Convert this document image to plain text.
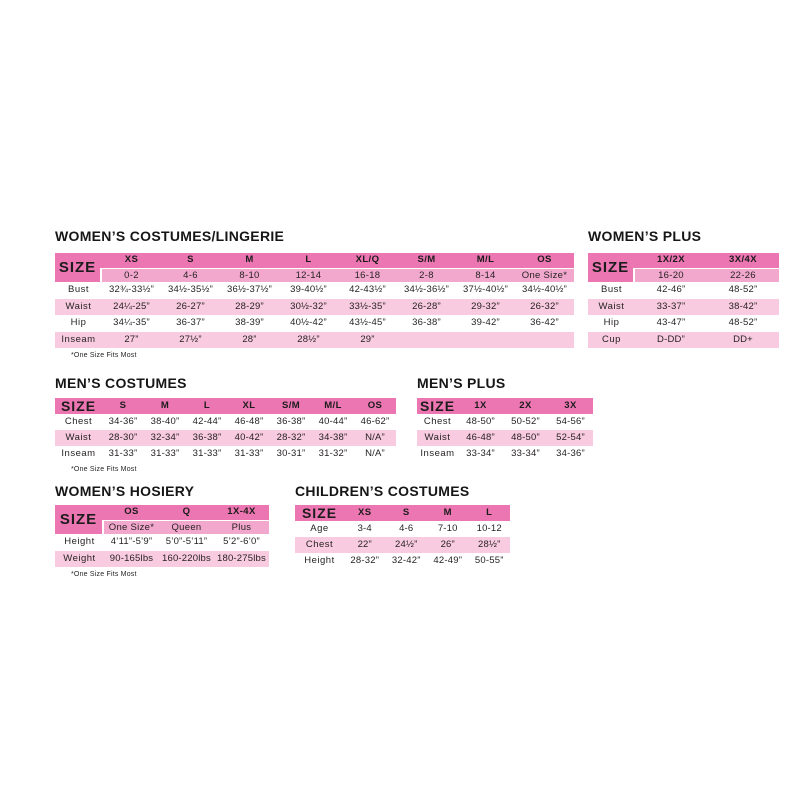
WOMEN’S COSTUMES/LINGERIE
SIZE	XS	S	M	L	XL/Q	S/M	M/L	OS
0-2	4-6	8-10	12-14	16-18	2-8	8-14	One Size*
Bust	32¾-33½”	34½-35½”	36½-37½”	39-40½”	42-43½”	34½-36½”	37½-40½”	34½-40½”
Waist	24¼-25”	26-27”	28-29”	30½-32”	33½-35”	26-28”	29-32”	26-32”
Hip	34¼-35”	36-37”	38-39”	40½-42”	43½-45”	36-38”	39-42”	36-42”
Inseam	27”	27½”	28”	28½”	29”
*One Size Fits Most
WOMEN’S PLUS
SIZE	1X/2X	3X/4X
16-20	22-26
Bust	42-46”	48-52”
Waist	33-37”	38-42”
Hip	43-47”	48-52”
Cup	D-DD”	DD+
MEN’S COSTUMES
SIZE	S	M	L	XL	S/M	M/L	OS
Chest	34-36”	38-40”	42-44”	46-48”	36-38”	40-44”	46-62”
Waist	28-30”	32-34”	36-38”	40-42”	28-32”	34-38”	N/A”
Inseam	31-33”	31-33”	31-33”	31-33”	30-31”	31-32”	N/A”
*One Size Fits Most
MEN’S PLUS
SIZE	1X	2X	3X
Chest	48-50”	50-52”	54-56”
Waist	46-48”	48-50”	52-54”
Inseam	33-34”	33-34”	34-36”
WOMEN’S HOSIERY
SIZE	OS	Q	1X-4X
One Size*	Queen	Plus
Height	4’11”-5’9”	5’0”-5’11”	5’2”-6’0”
Weight	90-165lbs 160-220lbs 180-275lbs
*One Size Fits Most
CHILDREN’S COSTUMES
SIZE	XS	S	M	L
Age	3-4	4-6	7-10	10-12
Chest	22”	24½”	26”	28½”
Height	28-32”	32-42”	42-49”	50-55”
